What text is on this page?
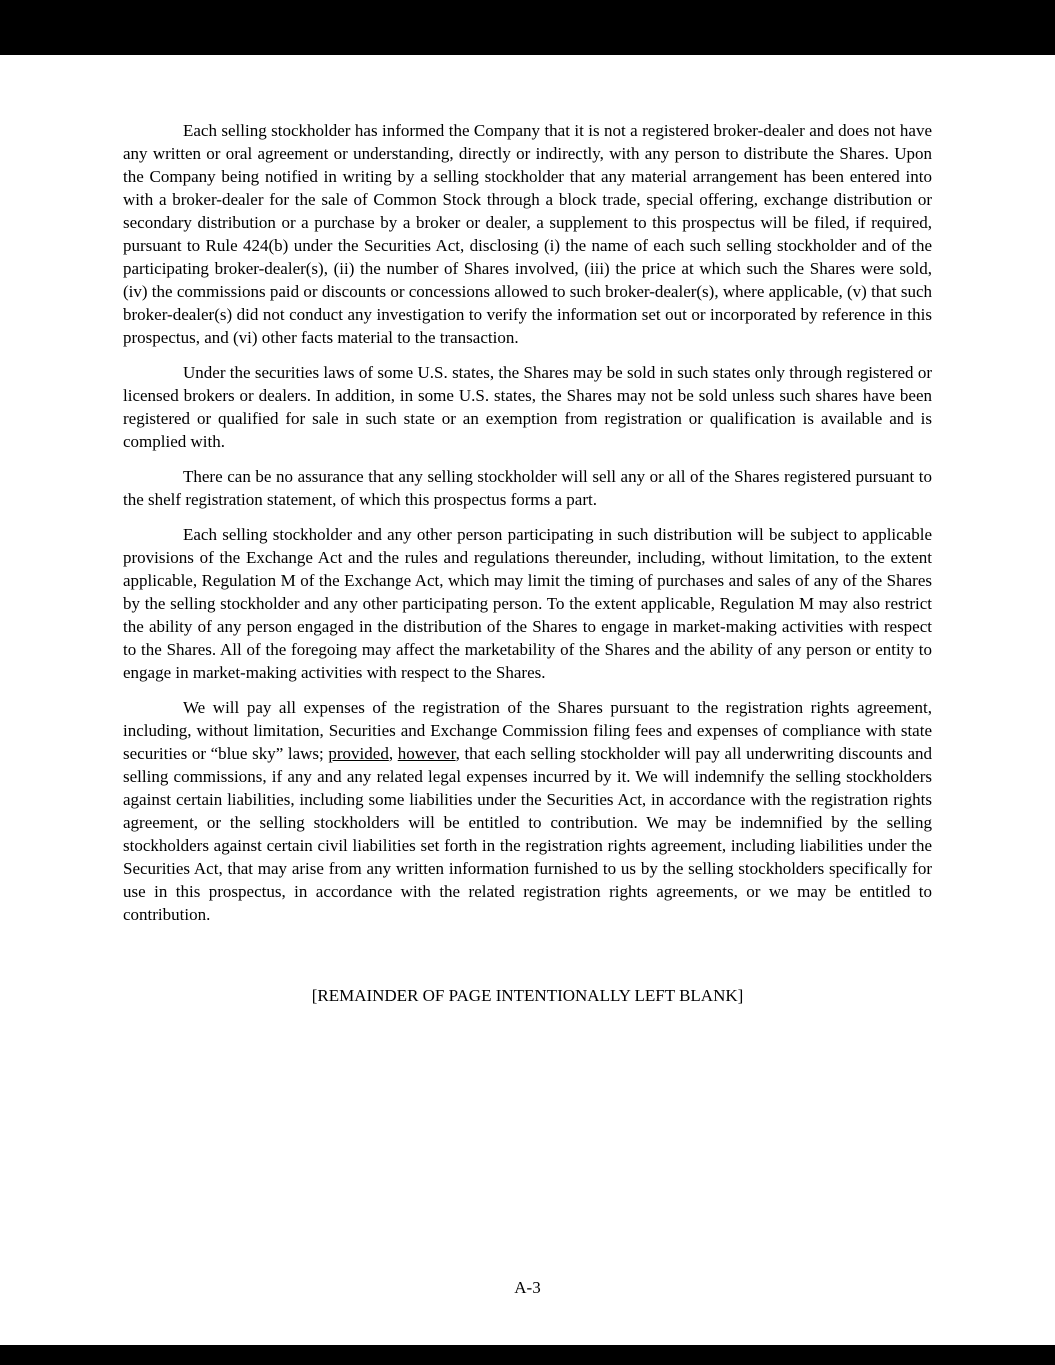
Each selling stockholder has informed the Company that it is not a registered broker-dealer and does not have any written or oral agreement or understanding, directly or indirectly, with any person to distribute the Shares. Upon the Company being notified in writing by a selling stockholder that any material arrangement has been entered into with a broker-dealer for the sale of Common Stock through a block trade, special offering, exchange distribution or secondary distribution or a purchase by a broker or dealer, a supplement to this prospectus will be filed, if required, pursuant to Rule 424(b) under the Securities Act, disclosing (i) the name of each such selling stockholder and of the participating broker-dealer(s), (ii) the number of Shares involved, (iii) the price at which such the Shares were sold, (iv) the commissions paid or discounts or concessions allowed to such broker-dealer(s), where applicable, (v) that such broker-dealer(s) did not conduct any investigation to verify the information set out or incorporated by reference in this prospectus, and (vi) other facts material to the transaction.

Under the securities laws of some U.S. states, the Shares may be sold in such states only through registered or licensed brokers or dealers. In addition, in some U.S. states, the Shares may not be sold unless such shares have been registered or qualified for sale in such state or an exemption from registration or qualification is available and is complied with.

There can be no assurance that any selling stockholder will sell any or all of the Shares registered pursuant to the shelf registration statement, of which this prospectus forms a part.

Each selling stockholder and any other person participating in such distribution will be subject to applicable provisions of the Exchange Act and the rules and regulations thereunder, including, without limitation, to the extent applicable, Regulation M of the Exchange Act, which may limit the timing of purchases and sales of any of the Shares by the selling stockholder and any other participating person. To the extent applicable, Regulation M may also restrict the ability of any person engaged in the distribution of the Shares to engage in market-making activities with respect to the Shares. All of the foregoing may affect the marketability of the Shares and the ability of any person or entity to engage in market-making activities with respect to the Shares.

We will pay all expenses of the registration of the Shares pursuant to the registration rights agreement, including, without limitation, Securities and Exchange Commission filing fees and expenses of compliance with state securities or “blue sky” laws; provided, however, that each selling stockholder will pay all underwriting discounts and selling commissions, if any and any related legal expenses incurred by it. We will indemnify the selling stockholders against certain liabilities, including some liabilities under the Securities Act, in accordance with the registration rights agreement, or the selling stockholders will be entitled to contribution. We may be indemnified by the selling stockholders against certain civil liabilities set forth in the registration rights agreement, including liabilities under the Securities Act, that may arise from any written information furnished to us by the selling stockholders specifically for use in this prospectus, in accordance with the related registration rights agreements, or we may be entitled to contribution.

[REMAINDER OF PAGE INTENTIONALLY LEFT BLANK]

A-3
